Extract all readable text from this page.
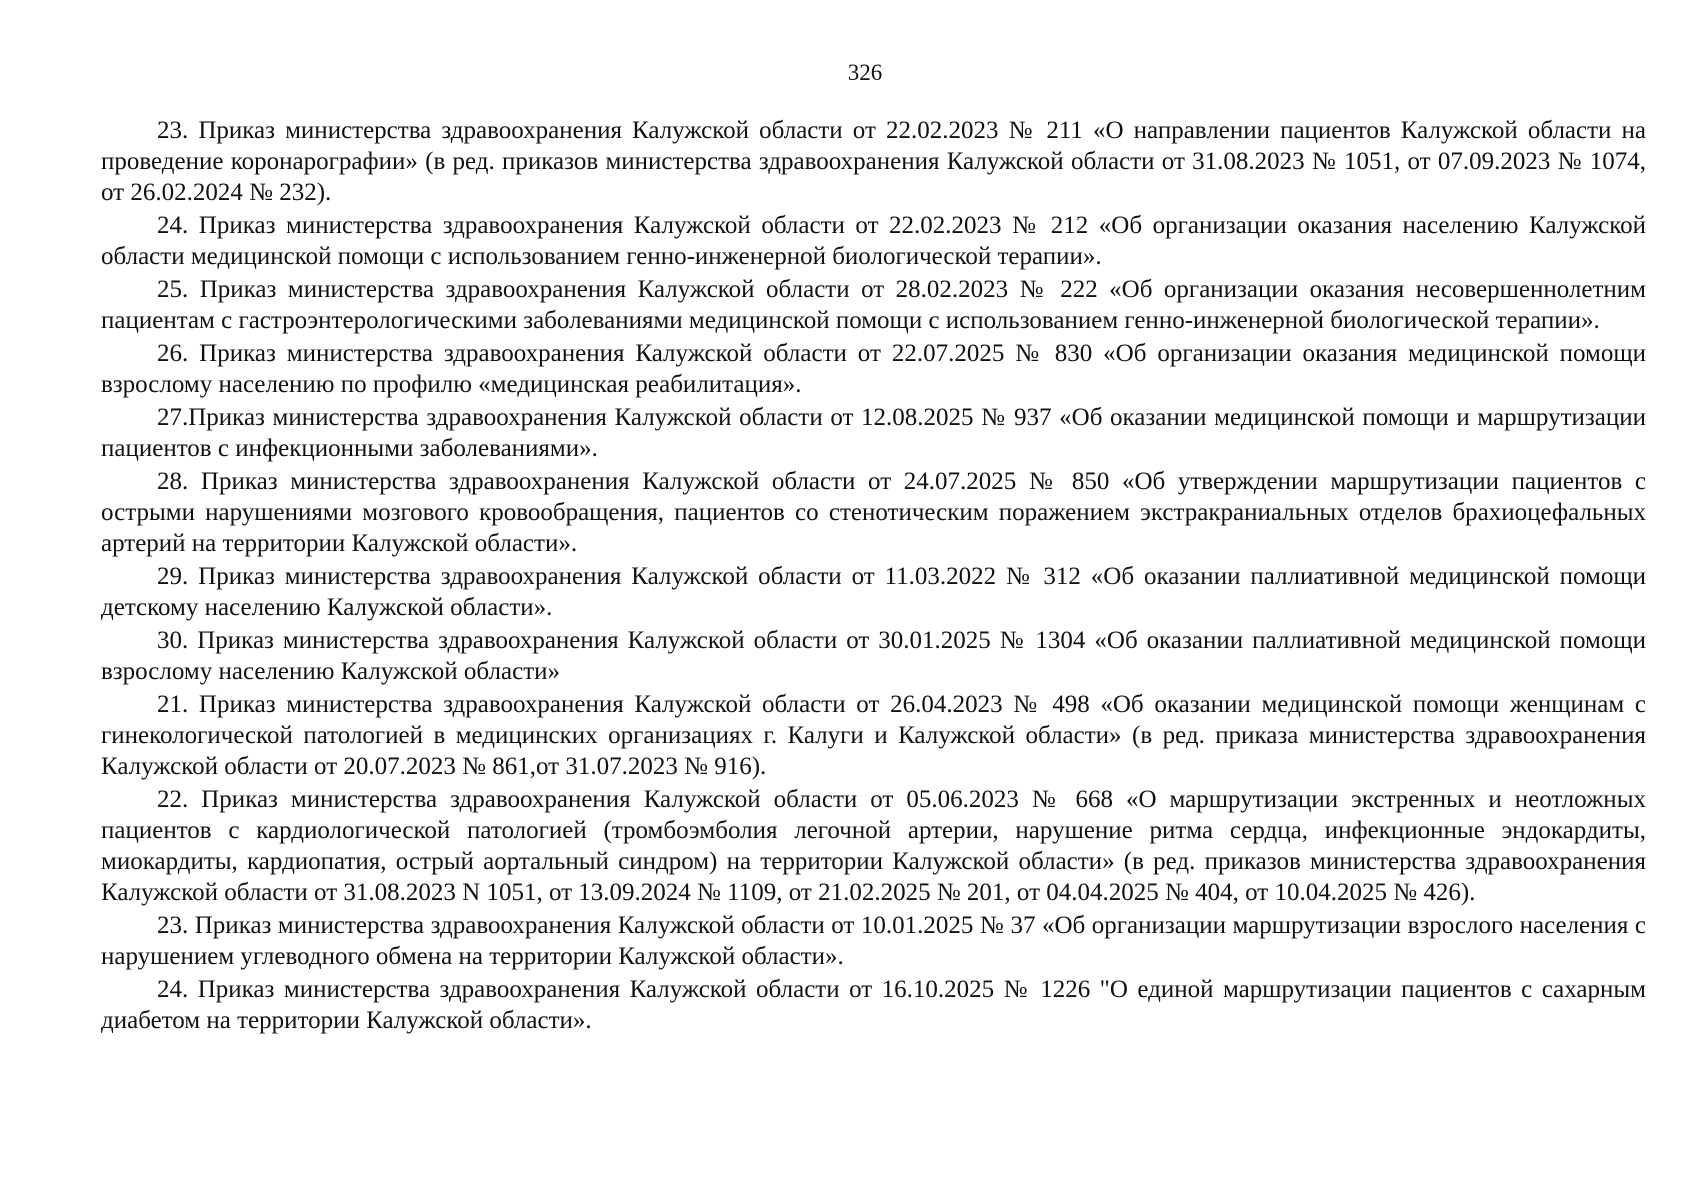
326

23. Приказ министерства здравоохранения Калужской области от 22.02.2023 № 211 «О направлении пациентов Калужской области на проведение коронарографии» (в ред. приказов министерства здравоохранения Калужской области от 31.08.2023 № 1051, от 07.09.2023 № 1074, от 26.02.2024 № 232).

24. Приказ министерства здравоохранения Калужской области от 22.02.2023 № 212 «Об организации оказания населению Калужской области медицинской помощи с использованием генно-инженерной биологической терапии».

25. Приказ министерства здравоохранения Калужской области от 28.02.2023 № 222 «Об организации оказания несовершеннолетним пациентам с гастроэнтерологическими заболеваниями медицинской помощи с использованием генно-инженерной биологической терапии».

26. Приказ министерства здравоохранения Калужской области от 22.07.2025 № 830 «Об организации оказания медицинской помощи взрослому населению по профилю «медицинская реабилитация».

27.Приказ министерства здравоохранения Калужской области от 12.08.2025 № 937 «Об оказании медицинской помощи и маршрутизации пациентов с инфекционными заболеваниями».

28. Приказ министерства здравоохранения Калужской области от 24.07.2025 № 850 «Об утверждении маршрутизации пациентов с острыми нарушениями мозгового кровообращения, пациентов со стенотическим поражением экстракраниальных отделов брахиоцефальных артерий на территории Калужской области».

29. Приказ министерства здравоохранения Калужской области от 11.03.2022 № 312 «Об оказании паллиативной медицинской помощи детскому населению Калужской области».

30. Приказ министерства здравоохранения Калужской области от 30.01.2025 № 1304 «Об оказании паллиативной медицинской помощи взрослому населению Калужской области»

21. Приказ министерства здравоохранения Калужской области от 26.04.2023 № 498 «Об оказании медицинской помощи женщинам с гинекологической патологией в медицинских организациях г. Калуги и Калужской области» (в ред. приказа министерства здравоохранения Калужской области от 20.07.2023 № 861,от 31.07.2023 № 916).

22. Приказ министерства здравоохранения Калужской области от 05.06.2023 № 668 «О маршрутизации экстренных и неотложных пациентов с кардиологической патологией (тромбоэмболия легочной артерии, нарушение ритма сердца, инфекционные эндокардиты, миокардиты, кардиопатия, острый аортальный синдром) на территории Калужской области» (в ред. приказов министерства здравоохранения Калужской области от 31.08.2023 N 1051, от 13.09.2024 № 1109, от 21.02.2025 № 201, от 04.04.2025 № 404, от 10.04.2025 № 426).

23. Приказ министерства здравоохранения Калужской области от 10.01.2025 № 37 «Об организации маршрутизации взрослого населения с нарушением углеводного обмена на территории Калужской области».

24. Приказ министерства здравоохранения Калужской области от 16.10.2025 № 1226 "О единой маршрутизации пациентов с сахарным диабетом на территории Калужской области».
